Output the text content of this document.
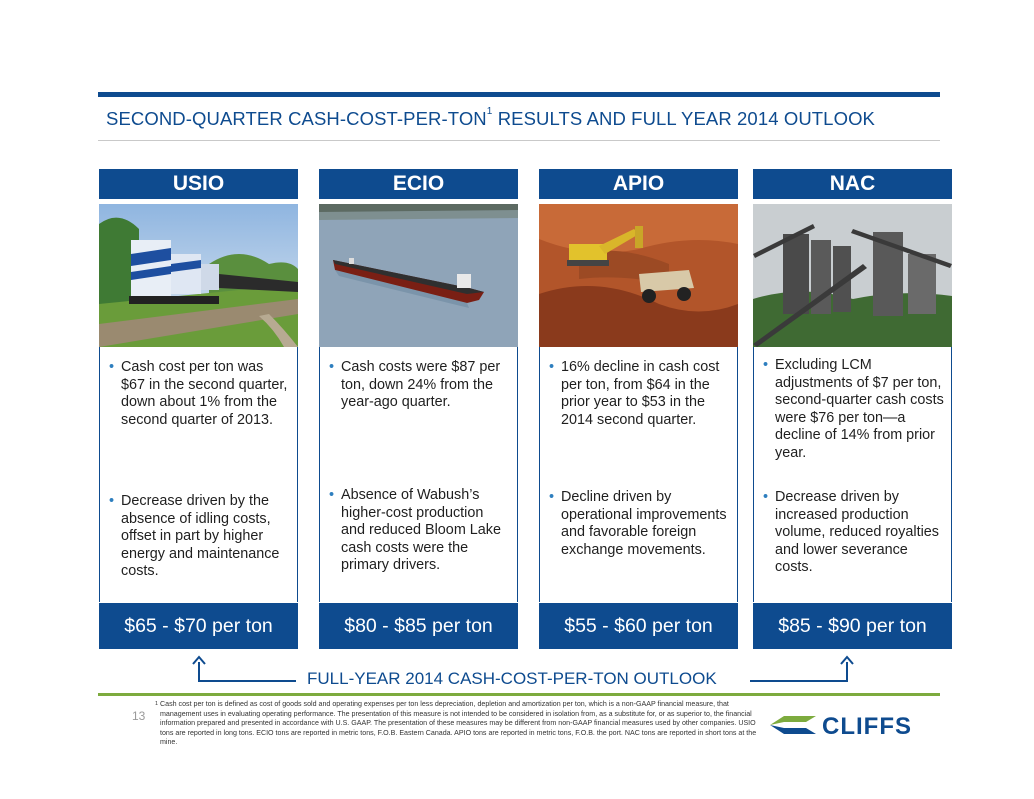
SECOND-QUARTER CASH-COST-PER-TON$^1$ RESULTS AND FULL YEAR 2014 OUTLOOK
USIO
• Cash cost per ton was $67 in the second quarter, down about 1% from the second quarter of 2013.
• Decrease driven by the absence of idling costs, offset in part by higher energy and maintenance costs.
$65 - $70 per ton
ECIO
• Cash costs were $87 per ton, down 24% from the year-ago quarter.
• Absence of Wabush’s higher-cost production and reduced Bloom Lake cash costs were the primary drivers.
$80 - $85 per ton
APIO
• 16% decline in cash cost per ton, from $64 in the prior year to $53 in the 2014 second quarter.
• Decline driven by operational improvements and favorable foreign exchange movements.
$55 - $60 per ton
NAC
• Excluding LCM adjustments of $7 per ton, second-quarter cash costs were $76 per ton—a decline of 14% from prior year.
• Decrease driven by increased production volume, reduced royalties and lower severance costs.
$85 - $90 per ton
FULL-YEAR 2014 CASH-COST-PER-TON OUTLOOK
13
1 Cash cost per ton is defined as cost of goods sold and operating expenses per ton less depreciation, depletion and amortization per ton, which is a non-GAAP financial measure, that management uses in evaluating operating performance. The presentation of this measure is not intended to be considered in isolation from, as a substitute for, or as superior to, the financial information prepared and presented in accordance with U.S. GAAP. The presentation of these measures may be different from non-GAAP financial measures used by other companies. USIO tons are reported in long tons. ECIO tons are reported in metric tons, F.O.B. Eastern Canada. APIO tons are reported in metric tons, F.O.B. the port. NAC tons are reported in short tons at the mine.
CLIFFS
